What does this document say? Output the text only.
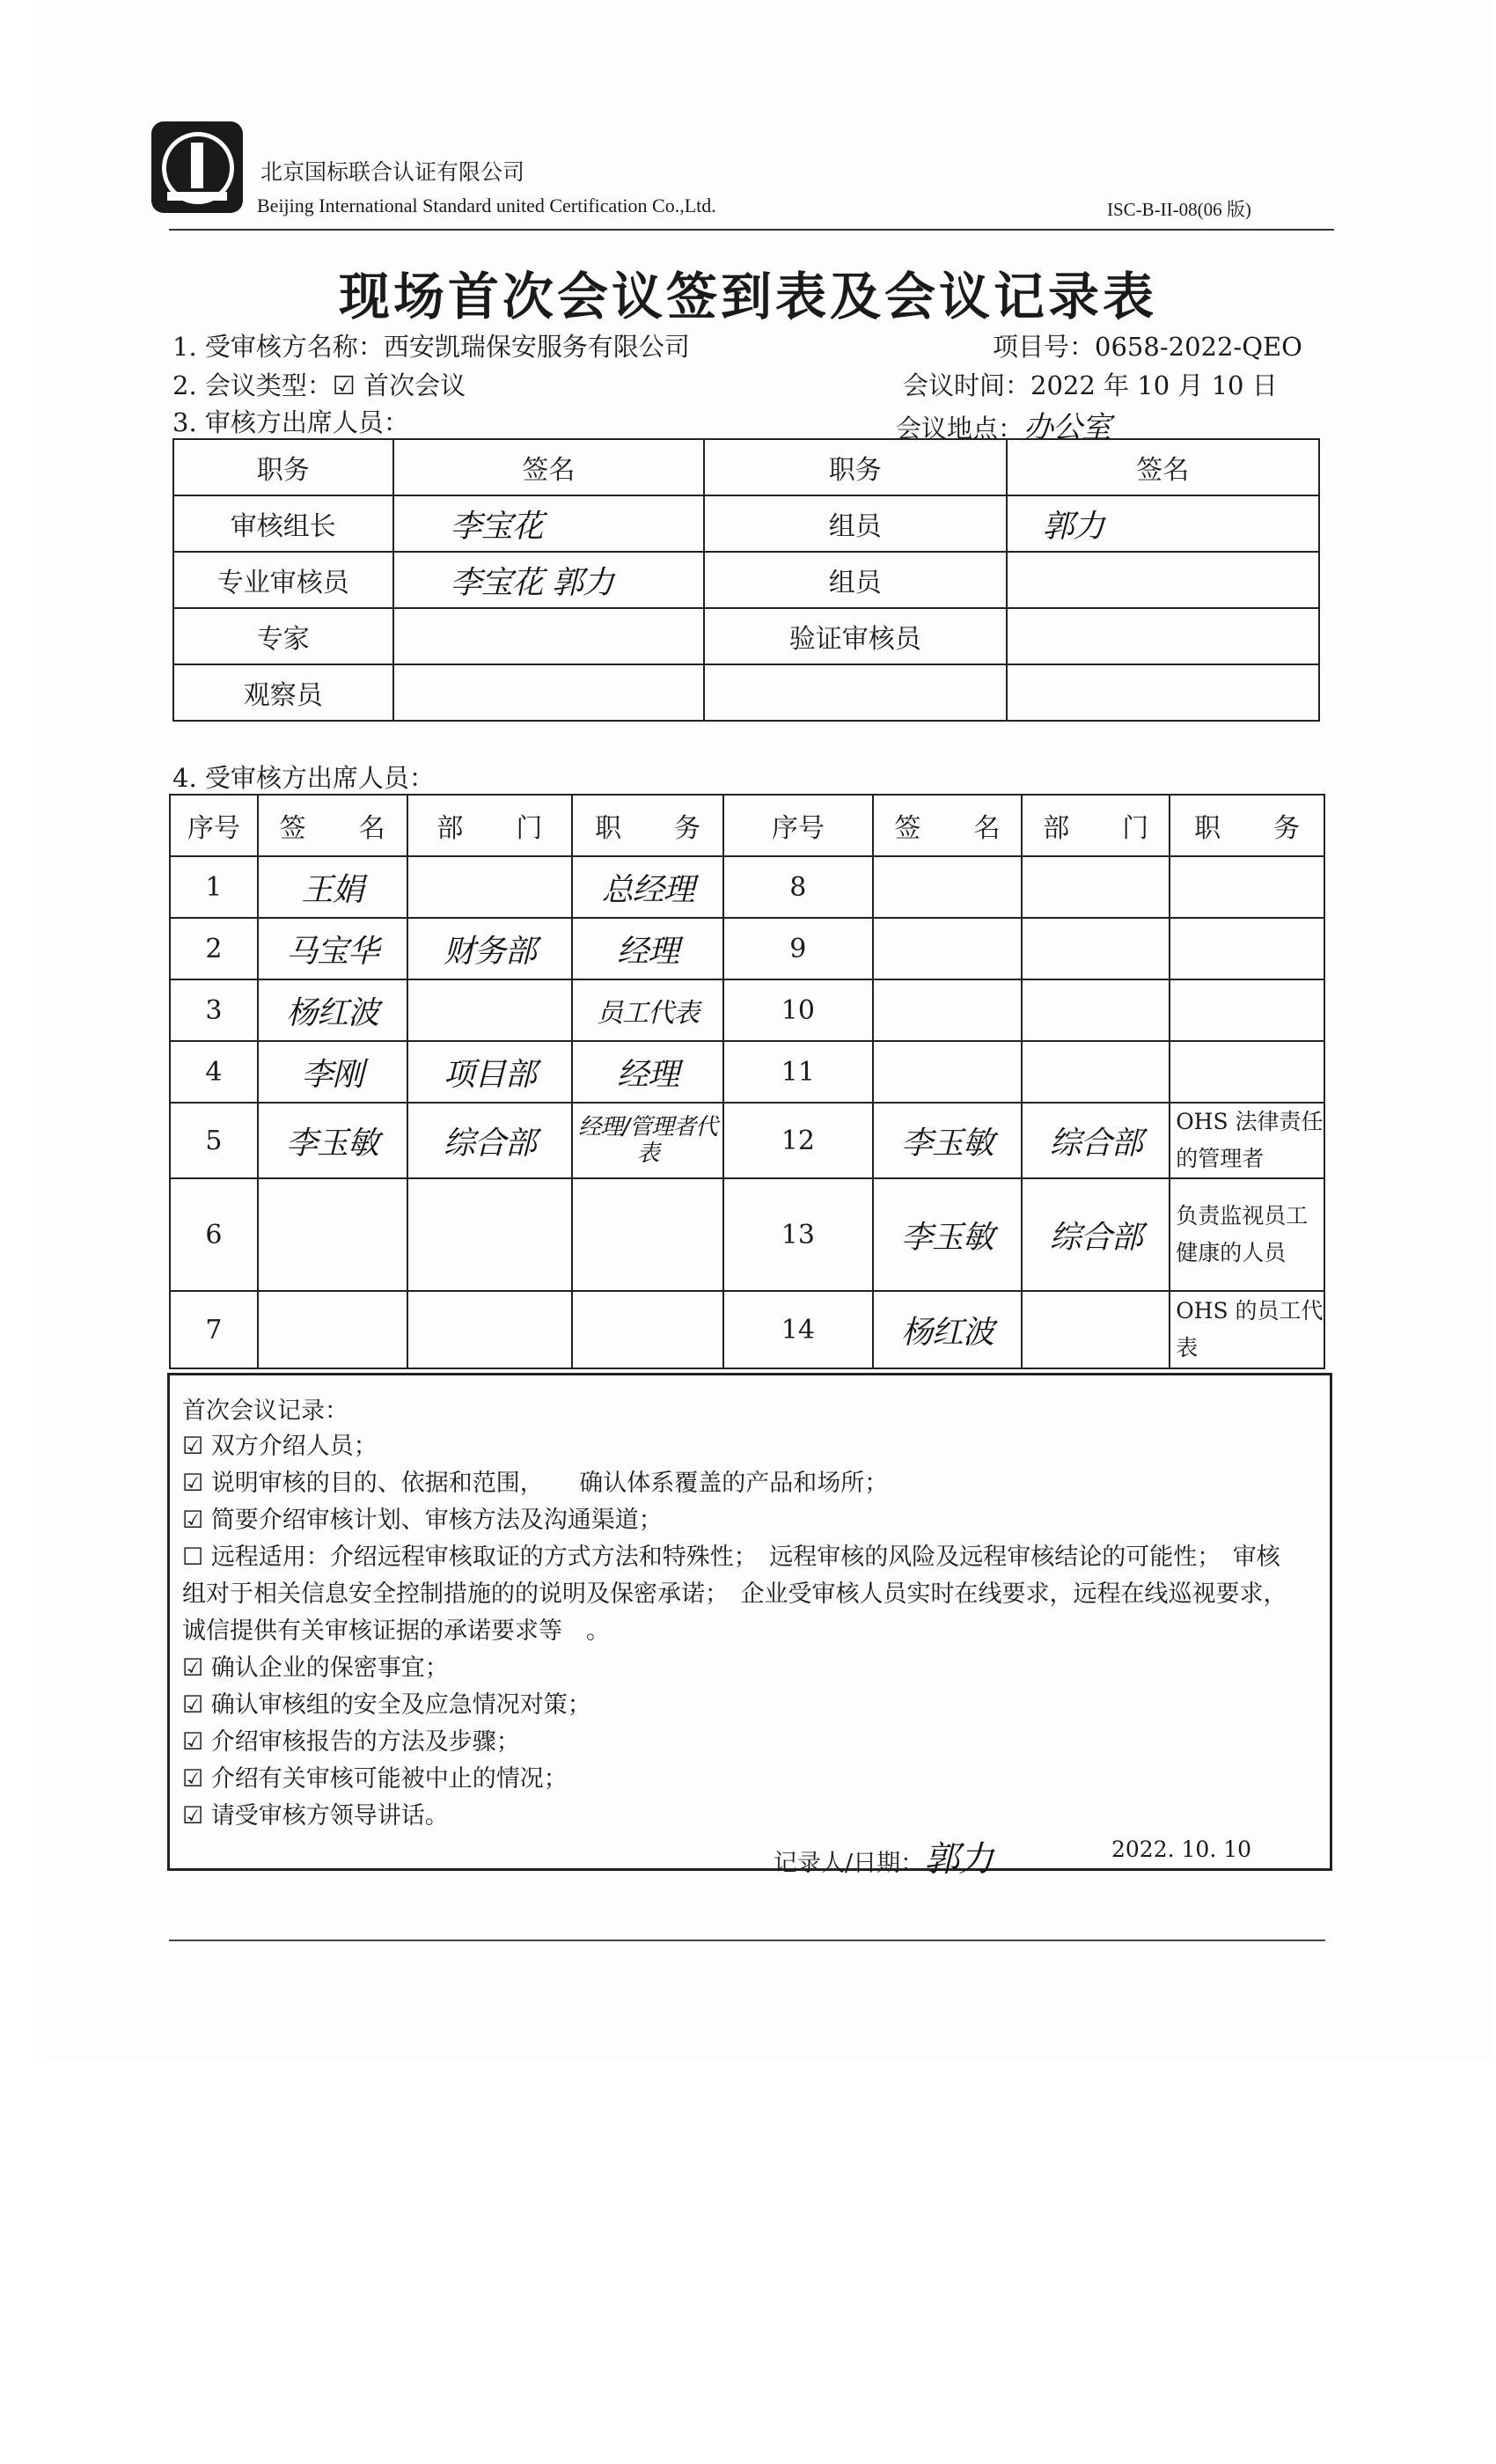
北京国标联合认证有限公司
Beijing International Standard united Certification Co.,Ltd.	ISC-B-II-08(06 版)
现场首次会议签到表及会议记录表
1. 受审核方名称：西安凯瑞保安服务有限公司	项目号：0658-2022-QEO
2. 会议类型：☑ 首次会议	会议时间：2022 年 10 月 10 日
3. 审核方出席人员：	会议地点：办公室
职务	签名	职务	签名
审核组长	李宝花	组员	郭力
专业审核员	李宝花 郭力	组员	
专家		验证审核员	
观察员			
4. 受审核方出席人员：
序号	签　　名	部　　门	职　　务	序号	签　　名	部　　门	职　　务
1	王娟		总经理	8			
2	马宝华	财务部	经理	9			
3	杨红波		员工代表	10			
4	李刚	项目部	经理	11			
5	李玉敏	综合部	经理/管理者代表	12	李玉敏	综合部	OHS 法律责任的管理者
6				13	李玉敏	综合部	负责监视员工健康的人员
7				14	杨红波		OHS 的员工代表
首次会议记录：
☑ 双方介绍人员；
☑ 说明审核的目的、依据和范围，　　确认体系覆盖的产品和场所；
☑ 简要介绍审核计划、审核方法及沟通渠道；
☐ 远程适用：介绍远程审核取证的方式方法和特殊性；　远程审核的风险及远程审核结论的可能性；　审核
组对于相关信息安全控制措施的的说明及保密承诺；　企业受审核人员实时在线要求，远程在线巡视要求，
诚信提供有关审核证据的承诺要求等　。
☑ 确认企业的保密事宜；
☑ 确认审核组的安全及应急情况对策；
☑ 介绍审核报告的方法及步骤；
☑ 介绍有关审核可能被中止的情况；
☑ 请受审核方领导讲话。
记录人/日期：郭力	2022. 10. 10
